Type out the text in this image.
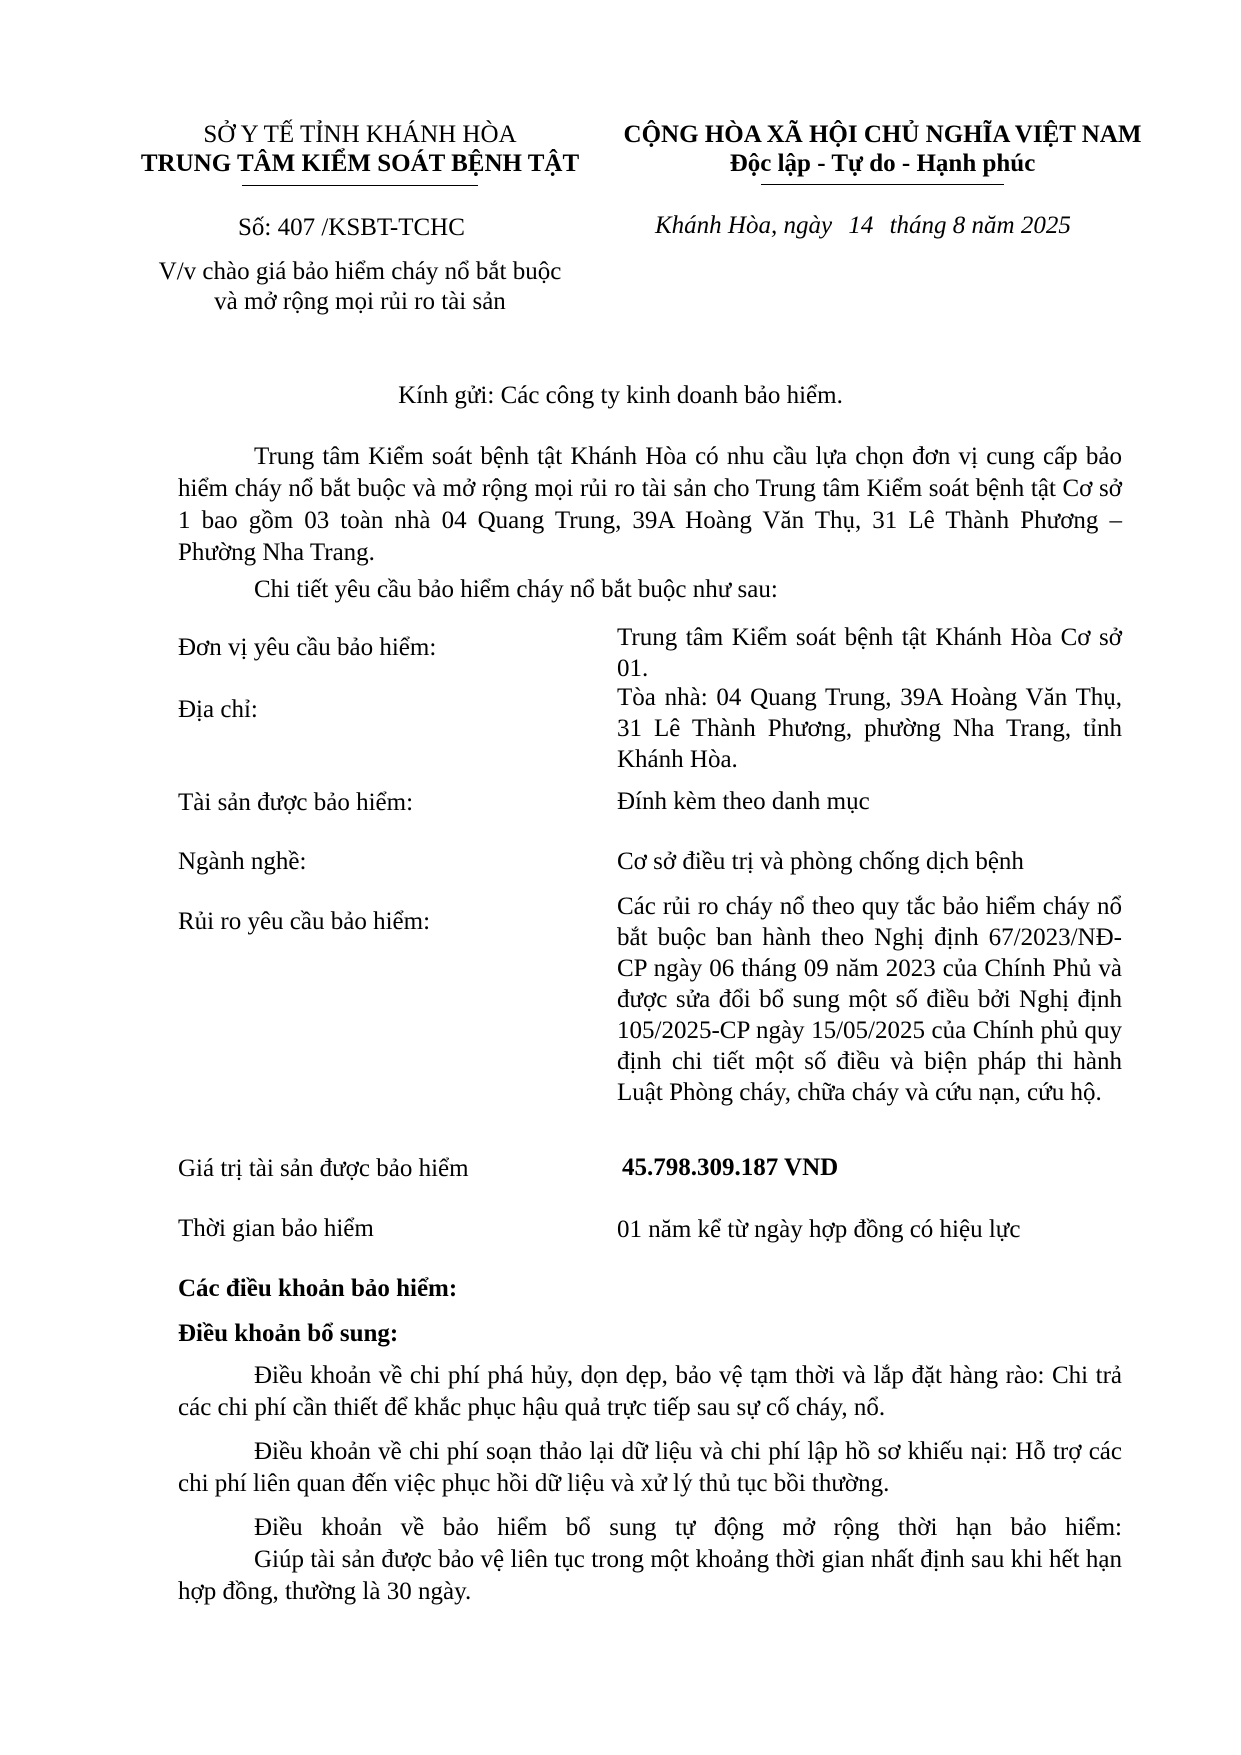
SỞ Y TẾ TỈNH KHÁNH HÒA
TRUNG TÂM KIỂM SOÁT BỆNH TẬT
Số: 407 /KSBT-TCHC
V/v chào giá bảo hiểm cháy nổ bắt buộc
và mở rộng mọi rủi ro tài sản
CỘNG HÒA XÃ HỘI CHỦ NGHĨA VIỆT NAM
Độc lập - Tự do - Hạnh phúc
Khánh Hòa, ngày 14 tháng 8 năm 2025
Kính gửi: Các công ty kinh doanh bảo hiểm.
Trung tâm Kiểm soát bệnh tật Khánh Hòa có nhu cầu lựa chọn đơn vị cung cấp bảo hiểm cháy nổ bắt buộc và mở rộng mọi rủi ro tài sản cho Trung tâm Kiểm soát bệnh tật Cơ sở 1 bao gồm 03 toàn nhà 04 Quang Trung, 39A Hoàng Văn Thụ, 31 Lê Thành Phương – Phường Nha Trang.
Chi tiết yêu cầu bảo hiểm cháy nổ bắt buộc như sau:
Đơn vị yêu cầu bảo hiểm:	Trung tâm Kiểm soát bệnh tật Khánh Hòa Cơ sở 01.
Địa chỉ:	Tòa nhà: 04 Quang Trung, 39A Hoàng Văn Thụ, 31 Lê Thành Phương, phường Nha Trang, tỉnh Khánh Hòa.
Tài sản được bảo hiểm:	Đính kèm theo danh mục
Ngành nghề:	Cơ sở điều trị và phòng chống dịch bệnh
Rủi ro yêu cầu bảo hiểm:
Các rủi ro cháy nổ theo quy tắc bảo hiểm cháy nổ bắt buộc ban hành theo Nghị định 67/2023/NĐ-CP ngày 06 tháng 09 năm 2023 của Chính Phủ và được sửa đổi bổ sung một số điều bởi Nghị định 105/2025-CP ngày 15/05/2025 của Chính phủ quy định chi tiết một số điều và biện pháp thi hành Luật Phòng cháy, chữa cháy và cứu nạn, cứu hộ.
Giá trị tài sản được bảo hiểm	45.798.309.187 VND
Thời gian bảo hiểm	01 năm kể từ ngày hợp đồng có hiệu lực
Các điều khoản bảo hiểm:
Điều khoản bổ sung:
Điều khoản về chi phí phá hủy, dọn dẹp, bảo vệ tạm thời và lắp đặt hàng rào: Chi trả các chi phí cần thiết để khắc phục hậu quả trực tiếp sau sự cố cháy, nổ.
Điều khoản về chi phí soạn thảo lại dữ liệu và chi phí lập hồ sơ khiếu nại: Hỗ trợ các chi phí liên quan đến việc phục hồi dữ liệu và xử lý thủ tục bồi thường.
Điều khoản về bảo hiểm bổ sung tự động mở rộng thời hạn bảo hiểm:
Giúp tài sản được bảo vệ liên tục trong một khoảng thời gian nhất định sau khi hết hạn hợp đồng, thường là 30 ngày.
